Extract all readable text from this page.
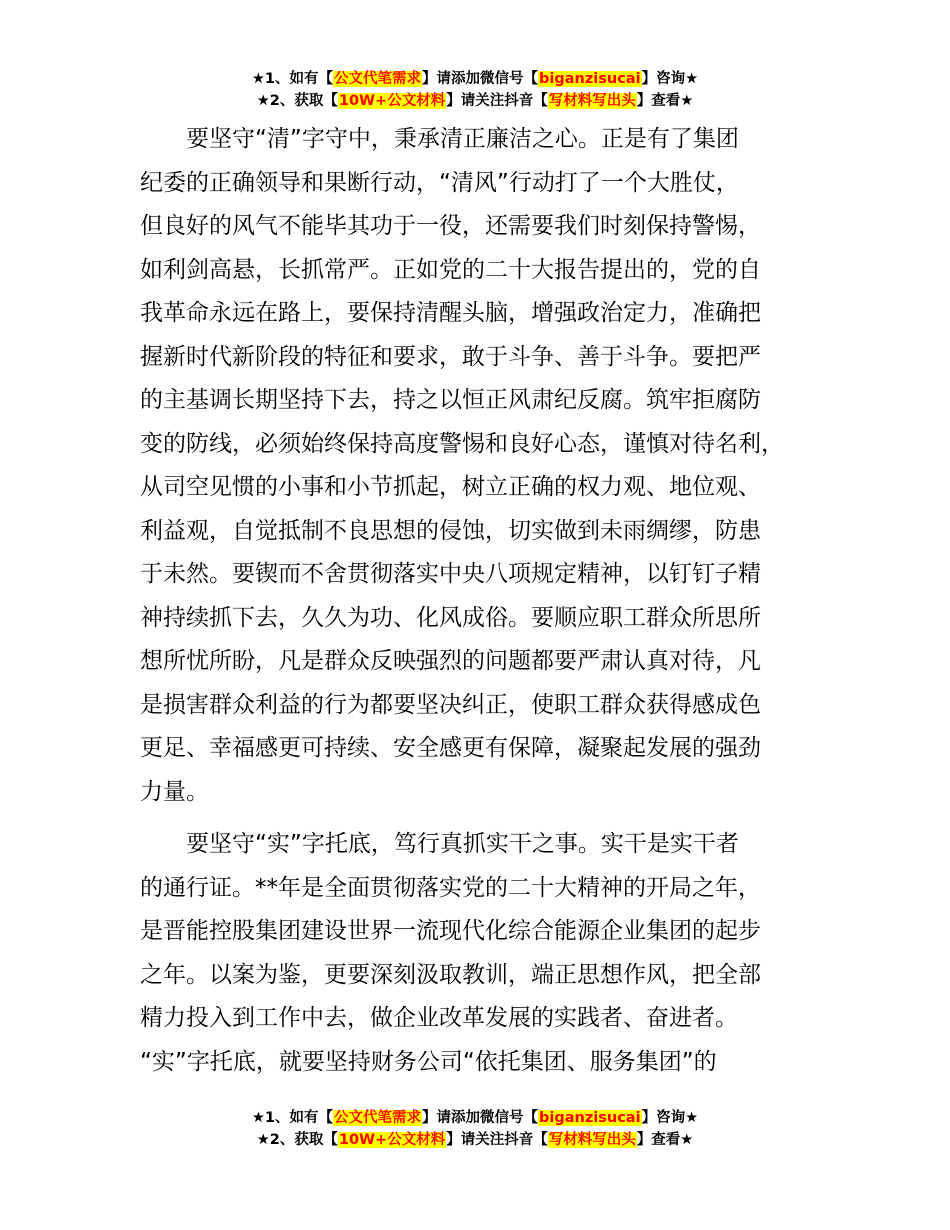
★1、如有【公文代笔需求】请添加微信号【biganzisucai】咨询★
★2、获取【10W+公文材料】请关注抖音【写材料写出头】查看★
　　要坚守“清”字守中，秉承清正廉洁之心。正是有了集团
纪委的正确领导和果断行动，“清风”行动打了一个大胜仗，
但良好的风气不能毕其功于一役，还需要我们时刻保持警惕，
如利剑高悬，长抓常严。正如党的二十大报告提出的，党的自
我革命永远在路上，要保持清醒头脑，增强政治定力，准确把
握新时代新阶段的特征和要求，敢于斗争、善于斗争。要把严
的主基调长期坚持下去，持之以恒正风肃纪反腐。筑牢拒腐防
变的防线，必须始终保持高度警惕和良好心态，谨慎对待名利，
从司空见惯的小事和小节抓起，树立正确的权力观、地位观、
利益观，自觉抵制不良思想的侵蚀，切实做到未雨绸缪，防患
于未然。要锲而不舍贯彻落实中央八项规定精神，以钉钉子精
神持续抓下去，久久为功、化风成俗。要顺应职工群众所思所
想所忧所盼，凡是群众反映强烈的问题都要严肃认真对待，凡
是损害群众利益的行为都要坚决纠正，使职工群众获得感成色
更足、幸福感更可持续、安全感更有保障，凝聚起发展的强劲
力量。
　　要坚守“实”字托底，笃行真抓实干之事。实干是实干者
的通行证。**年是全面贯彻落实党的二十大精神的开局之年，
是晋能控股集团建设世界一流现代化综合能源企业集团的起步
之年。以案为鉴，更要深刻汲取教训，端正思想作风，把全部
精力投入到工作中去，做企业改革发展的实践者、奋进者。
“实”字托底，就要坚持财务公司“依托集团、服务集团”的
★1、如有【公文代笔需求】请添加微信号【biganzisucai】咨询★
★2、获取【10W+公文材料】请关注抖音【写材料写出头】查看★
